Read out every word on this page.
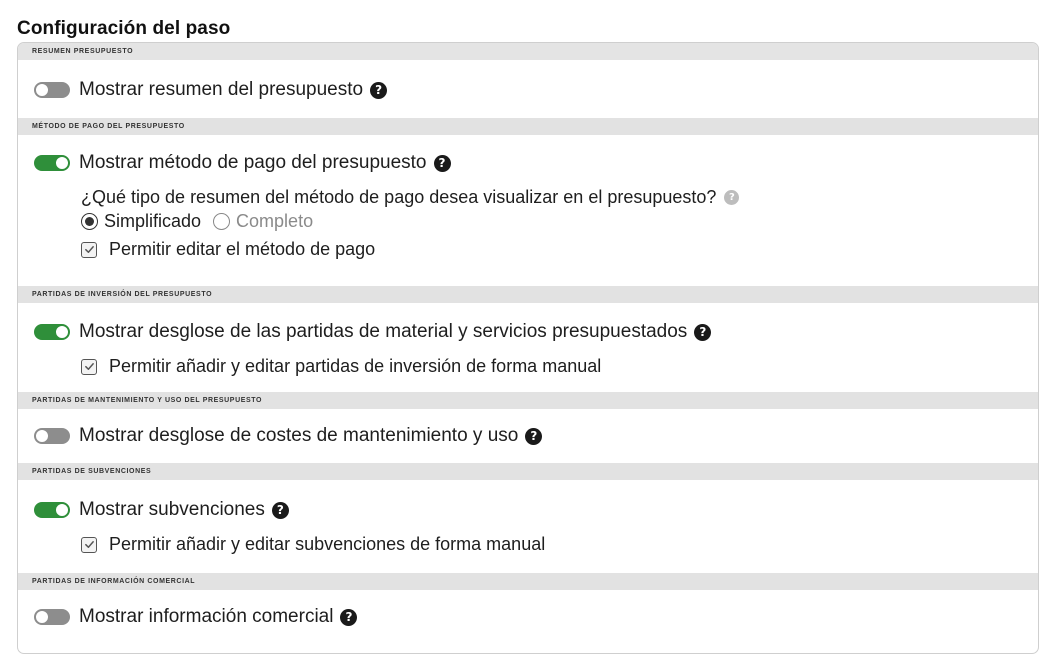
Configuración del paso
RESUMEN PRESUPUESTO
Mostrar resumen del presupuesto	?
MÉTODO DE PAGO DEL PRESUPUESTO
Mostrar método de pago del presupuesto	?
¿Qué tipo de resumen del método de pago desea visualizar en el presupuesto?	?
Simplificado Completo
Permitir editar el método de pago
PARTIDAS DE INVERSIÓN DEL PRESUPUESTO
Mostrar desglose de las partidas de material y servicios presupuestados	?
Permitir añadir y editar partidas de inversión de forma manual
PARTIDAS DE MANTENIMIENTO Y USO DEL PRESUPUESTO
Mostrar desglose de costes de mantenimiento y uso	?
PARTIDAS DE SUBVENCIONES
Mostrar subvenciones	?
Permitir añadir y editar subvenciones de forma manual
PARTIDAS DE INFORMACIÓN COMERCIAL
Mostrar información comercial	?
